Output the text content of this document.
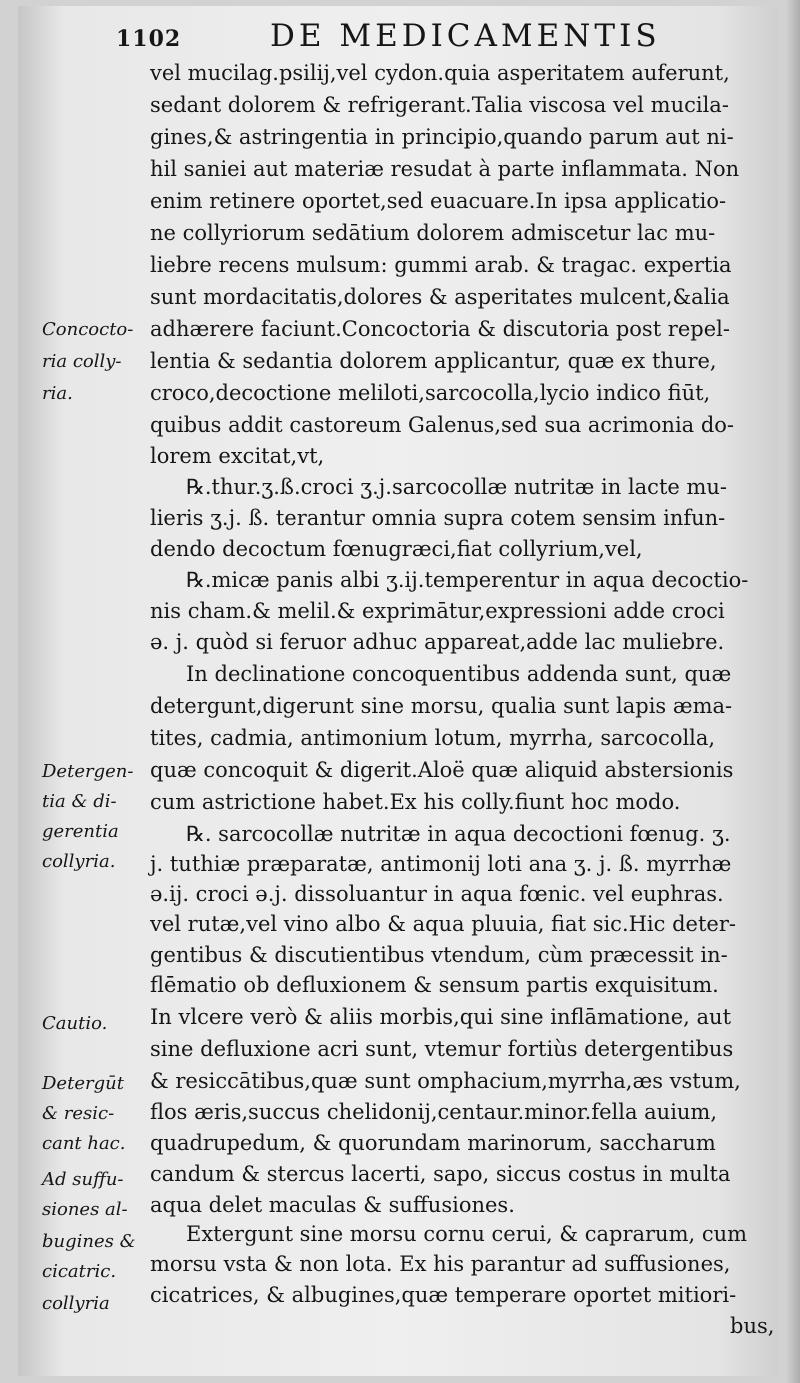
1102	DE MEDICAMENTIS
Concocto-
ria colly-
ria.
Detergen-
tia & di-
gerentia
collyria.
Cautio.
Detergūt
& resic-
cant hac.
Ad suffu-
siones al-
bugines &
cicatric.
collyria
vel mucilag.psilij,vel cydon.quia asperitatem auferunt,
sedant dolorem & refrigerant.Talia viscosa vel mucila-
gines,& astringentia in principio,quando parum aut ni-
hil saniei aut materiæ resudat à parte inflammata. Non
enim retinere oportet,sed euacuare.In ipsa applicatio-
ne collyriorum sedātium dolorem admiscetur lac mu-
liebre recens mulsum: gummi arab. & tragac. expertia
sunt mordacitatis,dolores & asperitates mulcent,&alia
adhærere faciunt.Concoctoria & discutoria post repel-
lentia & sedantia dolorem applicantur, quæ ex thure,
croco,decoctione meliloti,sarcocolla,lycio indico fiūt,
quibus addit castoreum Galenus,sed sua acrimonia do-
lorem excitat,vt,
℞.thur.ʒ.ß.croci ʒ.j.sarcocollæ nutritæ in lacte mu-
lieris ʒ.j. ß. terantur omnia supra cotem sensim infun-
dendo decoctum fœnugræci,fiat collyrium,vel,
℞.micæ panis albi ʒ.ij.temperentur in aqua decoctio-
nis cham.& melil.& exprimātur,expressioni adde croci
ə. j. quòd si feruor adhuc appareat,adde lac muliebre.
In declinatione concoquentibus addenda sunt, quæ
detergunt,digerunt sine morsu, qualia sunt lapis æma-
tites, cadmia, antimonium lotum, myrrha, sarcocolla,
quæ concoquit & digerit.Aloë quæ aliquid abstersionis
cum astrictione habet.Ex his colly.fiunt hoc modo.
℞. sarcocollæ nutritæ in aqua decoctioni fœnug. ʒ.
j. tuthiæ præparatæ, antimonij loti ana ʒ. j. ß. myrrhæ
ə.ij. croci ə.j. dissoluantur in aqua fœnic. vel euphras.
vel rutæ,vel vino albo & aqua pluuia, fiat sic.Hic deter-
gentibus & discutientibus vtendum, cùm præcessit in-
flēmatio ob defluxionem & sensum partis exquisitum.
In vlcere verò & aliis morbis,qui sine inflāmatione, aut
sine defluxione acri sunt, vtemur fortiùs detergentibus
& resiccātibus,quæ sunt omphacium,myrrha,æs vstum,
flos æris,succus chelidonij,centaur.minor.fella auium,
quadrupedum, & quorundam marinorum, saccharum
candum & stercus lacerti, sapo, siccus costus in multa
aqua delet maculas & suffusiones.
Extergunt sine morsu cornu cerui, & caprarum, cum
morsu vsta & non lota. Ex his parantur ad suffusiones,
cicatrices, & albugines,quæ temperare oportet mitiori-
bus,
